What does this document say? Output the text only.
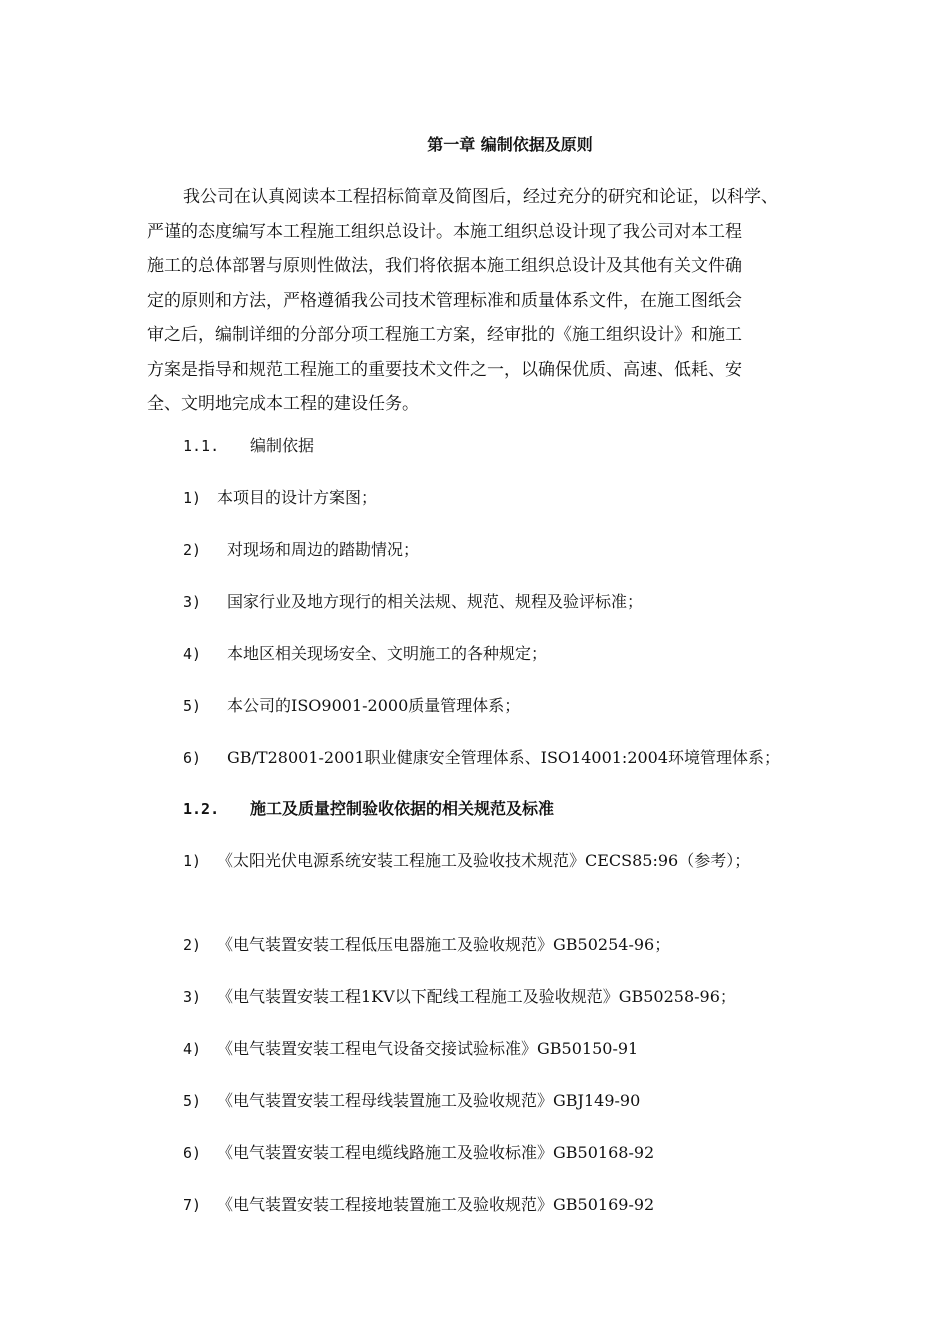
第一章 编制依据及原则
我公司在认真阅读本工程招标简章及简图后，经过充分的研究和论证，以科学、
严谨的态度编写本工程施工组织总设计。本施工组织总设计现了我公司对本工程
施工的总体部署与原则性做法，我们将依据本施工组织总设计及其他有关文件确
定的原则和方法，严格遵循我公司技术管理标准和质量体系文件，在施工图纸会
审之后，编制详细的分部分项工程施工方案，经审批的《施工组织设计》和施工
方案是指导和规范工程施工的重要技术文件之一，以确保优质、高速、低耗、安
全、文明地完成本工程的建设任务。
1.1. 编制依据
1) 本项目的设计方案图；
2) 对现场和周边的踏勘情况；
3) 国家行业及地方现行的相关法规、规范、规程及验评标准；
4) 本地区相关现场安全、文明施工的各种规定；
5) 本公司的ISO9001-2000质量管理体系；
6) GB/T28001-2001职业健康安全管理体系、ISO14001:2004环境管理体系；
1.2. 施工及质量控制验收依据的相关规范及标准
1) 《太阳光伏电源系统安装工程施工及验收技术规范》CECS85:96（参考）；
2) 《电气装置安装工程低压电器施工及验收规范》GB50254-96；
3) 《电气装置安装工程1KV以下配线工程施工及验收规范》GB50258-96；
4) 《电气装置安装工程电气设备交接试验标准》GB50150-91
5) 《电气装置安装工程母线装置施工及验收规范》GBJ149-90
6) 《电气装置安装工程电缆线路施工及验收标准》GB50168-92
7) 《电气装置安装工程接地装置施工及验收规范》GB50169-92
